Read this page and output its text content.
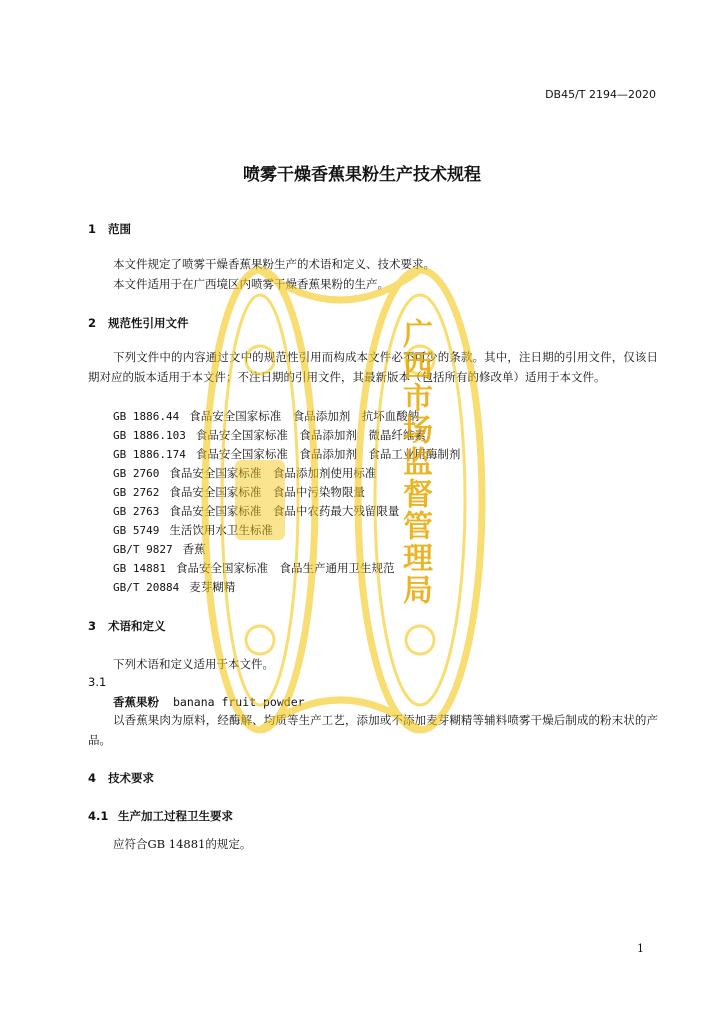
DB45/T 2194—2020
喷雾干燥香蕉果粉生产技术规程
1 范围
本文件规定了喷雾干燥香蕉果粉生产的术语和定义、技术要求。
本文件适用于在广西境区内喷雾干燥香蕉果粉的生产。
2 规范性引用文件
下列文件中的内容通过文中的规范性引用而构成本文件必不可少的条款。其中，注日期的引用文件，仅该日期对应的版本适用于本文件；不注日期的引用文件，其最新版本（包括所有的修改单）适用于本文件。
GB 1886.44 食品安全国家标准　食品添加剂　抗坏血酸钠
GB 1886.103 食品安全国家标准　食品添加剂　微晶纤维素
GB 1886.174 食品安全国家标准　食品添加剂　食品工业用酶制剂
GB 2760 食品安全国家标准　食品添加剂使用标准
GB 2762 食品安全国家标准　食品中污染物限量
GB 2763 食品安全国家标准　食品中农药最大残留限量
GB 5749 生活饮用水卫生标准
GB/T 9827 香蕉
GB 14881 食品安全国家标准　食品生产通用卫生规范
GB/T 20884 麦芽糊精
3 术语和定义
下列术语和定义适用于本文件。
3.1
香蕉果粉 banana fruit powder
以香蕉果肉为原料，经酶解、均质等生产工艺，添加或不添加麦芽糊精等辅料喷雾干燥后制成的粉末状的产品。
4 技术要求
4.1 生产加工过程卫生要求
应符合GB 14881的规定。
1
广西市场监督管理局
